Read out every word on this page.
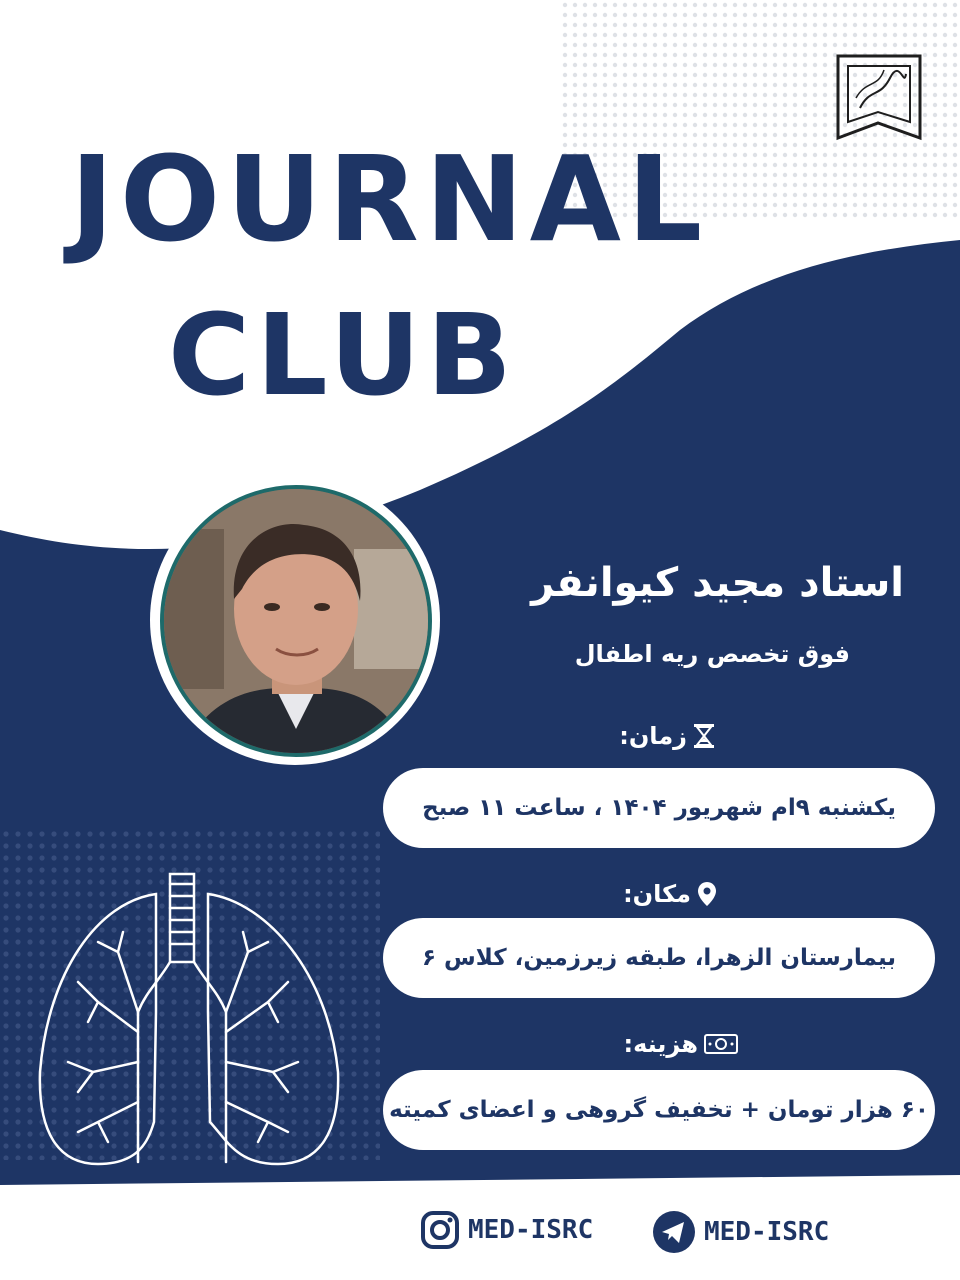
JOURNAL
CLUB
استاد مجید کیوانفر

فوق تخصص ریه اطفال

زمان:
یکشنبه ۹ام شهریور ۱۴۰۴ ، ساعت ۱۱ صبح
مکان:
بیمارستان الزهرا، طبقه زیرزمین، کلاس ۶
هزینه:
۶۰ هزار تومان + تخفیف گروهی و اعضای کمیته
MED-ISRC	MED-ISRC
